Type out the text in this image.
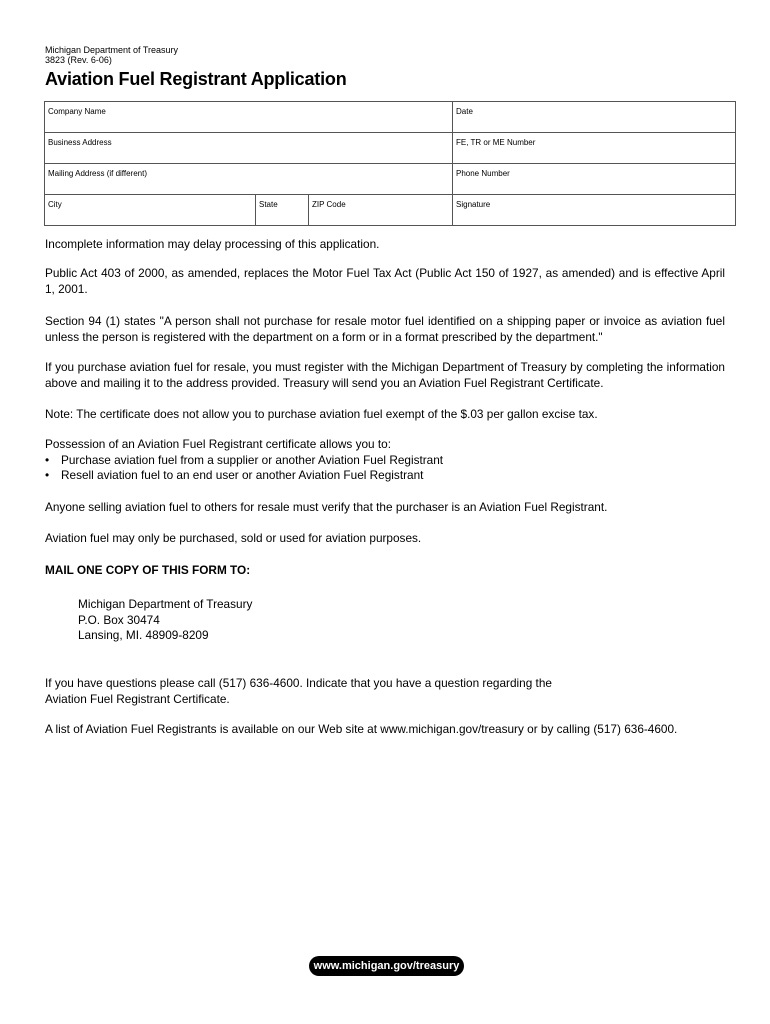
Michigan Department of Treasury
3823 (Rev. 6-06)
Aviation Fuel Registrant Application
Company Name	Date
Business Address	FE, TR or ME Number
Mailing Address (if different)	Phone Number
City	State	ZIP Code	Signature

Incomplete information may delay processing of this application.

Public Act 403 of 2000, as amended, replaces the Motor Fuel Tax Act (Public Act 150 of 1927, as amended) and is effective April 1, 2001.

Section 94 (1) states "A person shall not purchase for resale motor fuel identified on a shipping paper or invoice as aviation fuel unless the person is registered with the department on a form or in a format prescribed by the department."

If you purchase aviation fuel for resale, you must register with the Michigan Department of Treasury by completing the information above and mailing it to the address provided. Treasury will send you an Aviation Fuel Registrant Certificate.

Note: The certificate does not allow you to purchase aviation fuel exempt of the $.03 per gallon excise tax.

Possession of an Aviation Fuel Registrant certificate allows you to:
• Purchase aviation fuel from a supplier or another Aviation Fuel Registrant
• Resell aviation fuel to an end user or another Aviation Fuel Registrant

Anyone selling aviation fuel to others for resale must verify that the purchaser is an Aviation Fuel Registrant.

Aviation fuel may only be purchased, sold or used for aviation purposes.

MAIL ONE COPY OF THIS FORM TO:

Michigan Department of Treasury
P.O. Box 30474
Lansing, MI. 48909-8209
If you have questions please call (517) 636-4600. Indicate that you have a question regarding the
Aviation Fuel Registrant Certificate.

A list of Aviation Fuel Registrants is available on our Web site at www.michigan.gov/treasury or by calling (517) 636-4600.

www.michigan.gov/treasury
